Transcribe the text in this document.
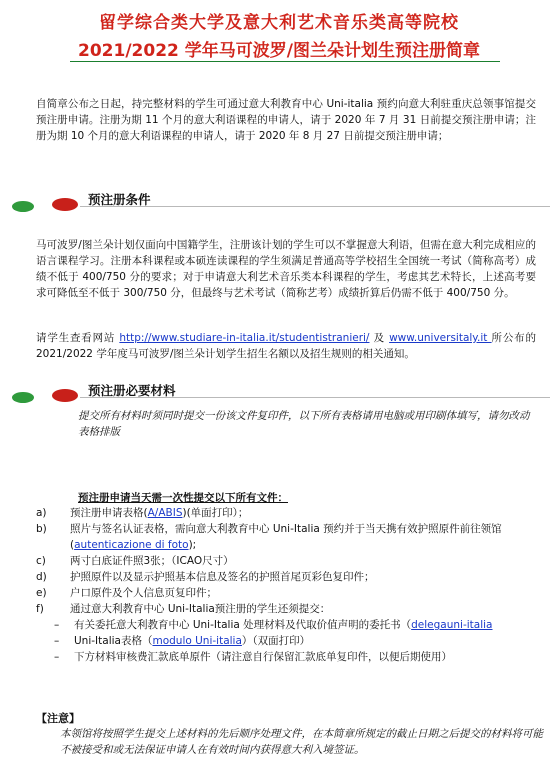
留学综合类大学及意大利艺术音乐类高等院校
2021/2022 学年马可波罗/图兰朵计划生预注册简章
自简章公布之日起，持完整材料的学生可通过意大利教育中心 Uni-italia 预约向意大利驻重庆总领事馆提交预注册申请。注册为期 11 个月的意大利语课程的申请人，请于 2020 年 7 月 31 日前提交预注册申请；注册为期 10 个月的意大利语课程的申请人，请于 2020 年 8 月 27 日前提交预注册申请；
预注册条件
马可波罗/图兰朵计划仅面向中国籍学生，注册该计划的学生可以不掌握意大利语，但需在意大利完成相应的语言课程学习。注册本科课程或本硕连读课程的学生须满足普通高等学校招生全国统一考试（简称高考）成绩不低于 400/750 分的要求；对于申请意大利艺术音乐类本科课程的学生，考虑其艺术特长，上述高考要求可降低至不低于 300/750 分，但最终与艺术考试（简称艺考）成绩折算后仍需不低于 400/750 分。
请学生查看网站 http://www.studiare-in-italia.it/studentistranieri/ 及 www.universitaly.it 所公布的 2021/2022 学年度马可波罗/图兰朵计划学生招生名额以及招生规则的相关通知。
预注册必要材料
提交所有材料时须同时提交一份该文件复印件，以下所有表格请用电脑或用印刷体填写，请勿改动表格排版
预注册申请当天需一次性提交以下所有文件：
a) 预注册申请表格(A/ABIS)(单面打印）；
b) 照片与签名认证表格，需向意大利教育中心 Uni-Italia 预约并于当天携有效护照原件前往领馆(autenticazione di foto);
c) 两寸白底证件照3张；（ICAO尺寸）
d) 护照原件以及显示护照基本信息及签名的护照首尾页彩色复印件；
e) 户口原件及个人信息页复印件；
f) 通过意大利教育中心 Uni-Italia预注册的学生还须提交：
– 有关委托意大利教育中心 Uni-Italia 处理材料及代取价值声明的委托书（delegauni-italia
– Uni-Italia表格（modulo Uni-italia）（双面打印）
– 下方材料审核费汇款底单原件（请注意自行保留汇款底单复印件，以便后期使用）
【注意】
本领馆将按照学生提交上述材料的先后顺序处理文件，在本简章所规定的截止日期之后提交的材料将可能不被接受和或无法保证申请人在有效时间内获得意大利入境签证。
